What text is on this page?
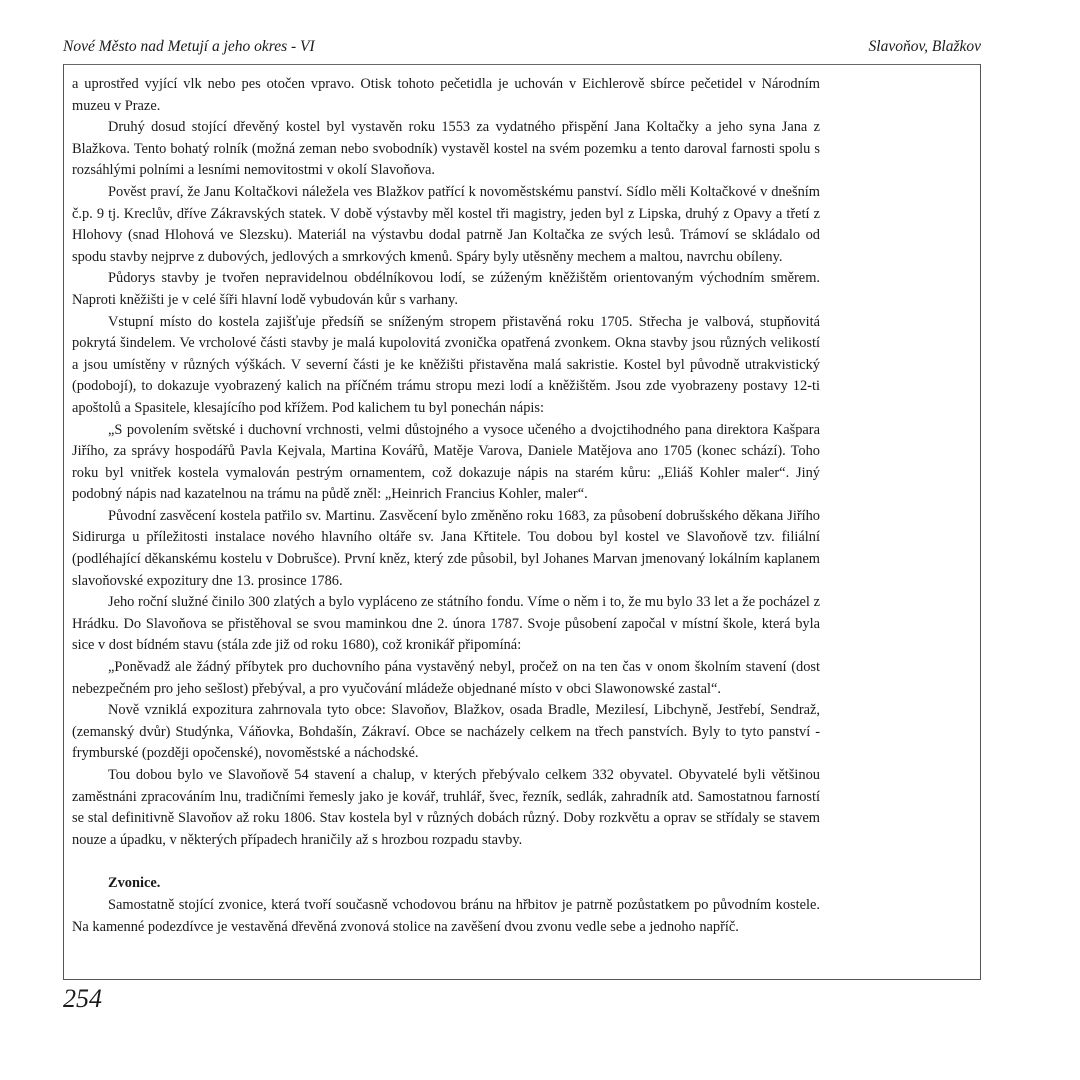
Nové Město nad Metují a jeho okres - VI	Slavoňov, Blažkov

a uprostřed vyjící vlk nebo pes otočen vpravo. Otisk tohoto pečetidla je uchován v Eichlerově sbírce pečetidel v Národním muzeu v Praze.

Druhý dosud stojící dřevěný kostel byl vystavěn roku 1553 za vydatného přispění Jana Koltačky a jeho syna Jana z Blažkova. Tento bohatý rolník (možná zeman nebo svobodník) vystavěl kostel na svém pozemku a tento daroval farnosti spolu s rozsáhlými polními a lesními nemovitostmi v okolí Slavoňova.

Pověst praví, že Janu Koltačkovi náležela ves Blažkov patřící k novoměstskému panství. Sídlo měli Koltačkové v dnešním č.p. 9 tj. Kreclův, dříve Zákravských statek. V době výstavby měl kostel tři magistry, jeden byl z Lipska, druhý z Opavy a třetí z Hlohovy (snad Hlohová ve Slezsku). Materiál na výstavbu dodal patrně Jan Koltačka ze svých lesů. Trámoví se skládalo od spodu stavby nejprve z dubových, jedlových a smrkových kmenů. Spáry byly utěsněny mechem a maltou, navrchu obíleny.

Půdorys stavby je tvořen nepravidelnou obdélníkovou lodí, se zúženým kněžištěm orientovaným východním směrem. Naproti kněžišti je v celé šíři hlavní lodě vybudován kůr s varhany.

Vstupní místo do kostela zajišťuje předsíň se sníženým stropem přistavěná roku 1705. Střecha je valbová, stupňovitá pokrytá šindelem. Ve vrcholové části stavby je malá kupolovitá zvonička opatřená zvonkem. Okna stavby jsou různých velikostí a jsou umístěny v různých výškách. V severní části je ke kněžišti přistavěna malá sakristie. Kostel byl původně utrakvistický (podobojí), to dokazuje vyobrazený kalich na příčném trámu stropu mezi lodí a kněžištěm. Jsou zde vyobrazeny postavy 12-ti apoštolů a Spasitele, klesajícího pod křížem. Pod kalichem tu byl ponechán nápis:

„S povolením světské i duchovní vrchnosti, velmi důstojného a vysoce učeného a dvojctihodného pana direktora Kašpara Jiřího, za správy hospodářů Pavla Kejvala, Martina Kovářů, Matěje Varova, Daniele Matějova ano 1705 (konec schází). Toho roku byl vnitřek kostela vymalován pestrým ornamentem, což dokazuje nápis na starém kůru: „Eliáš Kohler maler“. Jiný podobný nápis nad kazatelnou na trámu na půdě zněl: „Heinrich Francius Kohler, maler“.

Původní zasvěcení kostela patřilo sv. Martinu. Zasvěcení bylo změněno roku 1683, za působení dobrušského děkana Jiřího Sidirurga u příležitosti instalace nového hlavního oltáře sv. Jana Křtitele. Tou dobou byl kostel ve Slavoňově tzv. filiální (podléhající děkanskému kostelu v Dobrušce). První kněz, který zde působil, byl Johanes Marvan jmenovaný lokálním kaplanem slavoňovské expozitury dne 13. prosince 1786.

Jeho roční služné činilo 300 zlatých a bylo vypláceno ze státního fondu. Víme o něm i to, že mu bylo 33 let a že pocházel z Hrádku. Do Slavoňova se přistěhoval se svou maminkou dne 2. února 1787. Svoje působení započal v místní škole, která byla sice v dost bídném stavu (stála zde již od roku 1680), což kronikář připomíná:

„Poněvadž ale žádný příbytek pro duchovního pána vystavěný nebyl, pročež on na ten čas v onom školním stavení (dost nebezpečném pro jeho sešlost) přebýval, a pro vyučování mládeže objednané místo v obci Slawonowské zastal“.

Nově vzniklá expozitura zahrnovala tyto obce: Slavoňov, Blažkov, osada Bradle, Mezilesí, Libchyně, Jestřebí, Sendraž, (zemanský dvůr) Studýnka, Váňovka, Bohdašín, Zákraví. Obce se nacházely celkem na třech panstvích. Byly to tyto panství - frymburské (později opočenské), novoměstské a náchodské.

Tou dobou bylo ve Slavoňově 54 stavení a chalup, v kterých přebývalo celkem 332 obyvatel. Obyvatelé byli většinou zaměstnáni zpracováním lnu, tradičními řemesly jako je kovář, truhlář, švec, řezník, sedlák, zahradník atd. Samostatnou farností se stal definitivně Slavoňov až roku 1806. Stav kostela byl v různých dobách různý. Doby rozkvětu a oprav se střídaly se stavem nouze a úpadku, v některých případech hraničily až s hrozbou rozpadu stavby.

Zvonice.

Samostatně stojící zvonice, která tvoří současně vchodovou bránu na hřbitov je patrně pozůstatkem po původním kostele. Na kamenné podezdívce je vestavěná dřevěná zvonová stolice na zavěšení dvou zvonu vedle sebe a jednoho napříč.

254
